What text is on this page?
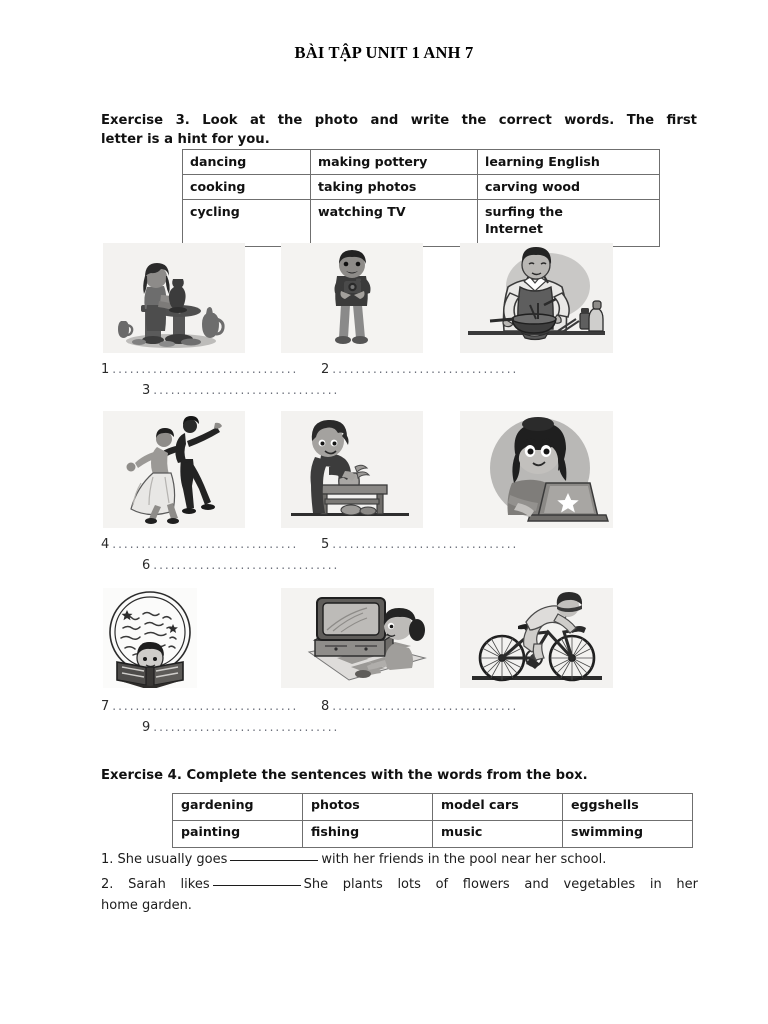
BÀI TẬP UNIT 1 ANH 7
Exercise 3. Look at the photo and write the correct words. The first
letter is a hint for you.
dancing	making pottery	learning English
cooking	taking photos	carving wood
cycling	watching TV	surfing the
Internet
1 ................................ 2 ................................
3 ................................
4 ................................ 5 ................................
6 ................................
7 ................................ 8 ................................
9 ................................
Exercise 4. Complete the sentences with the words from the box.
gardening	photos	model cars	eggshells
painting	fishing	music	swimming
1. She usually goes	with her friends in the pool near her school.
2. Sarah likes	She plants lots of flowers and vegetables in her
home garden.
